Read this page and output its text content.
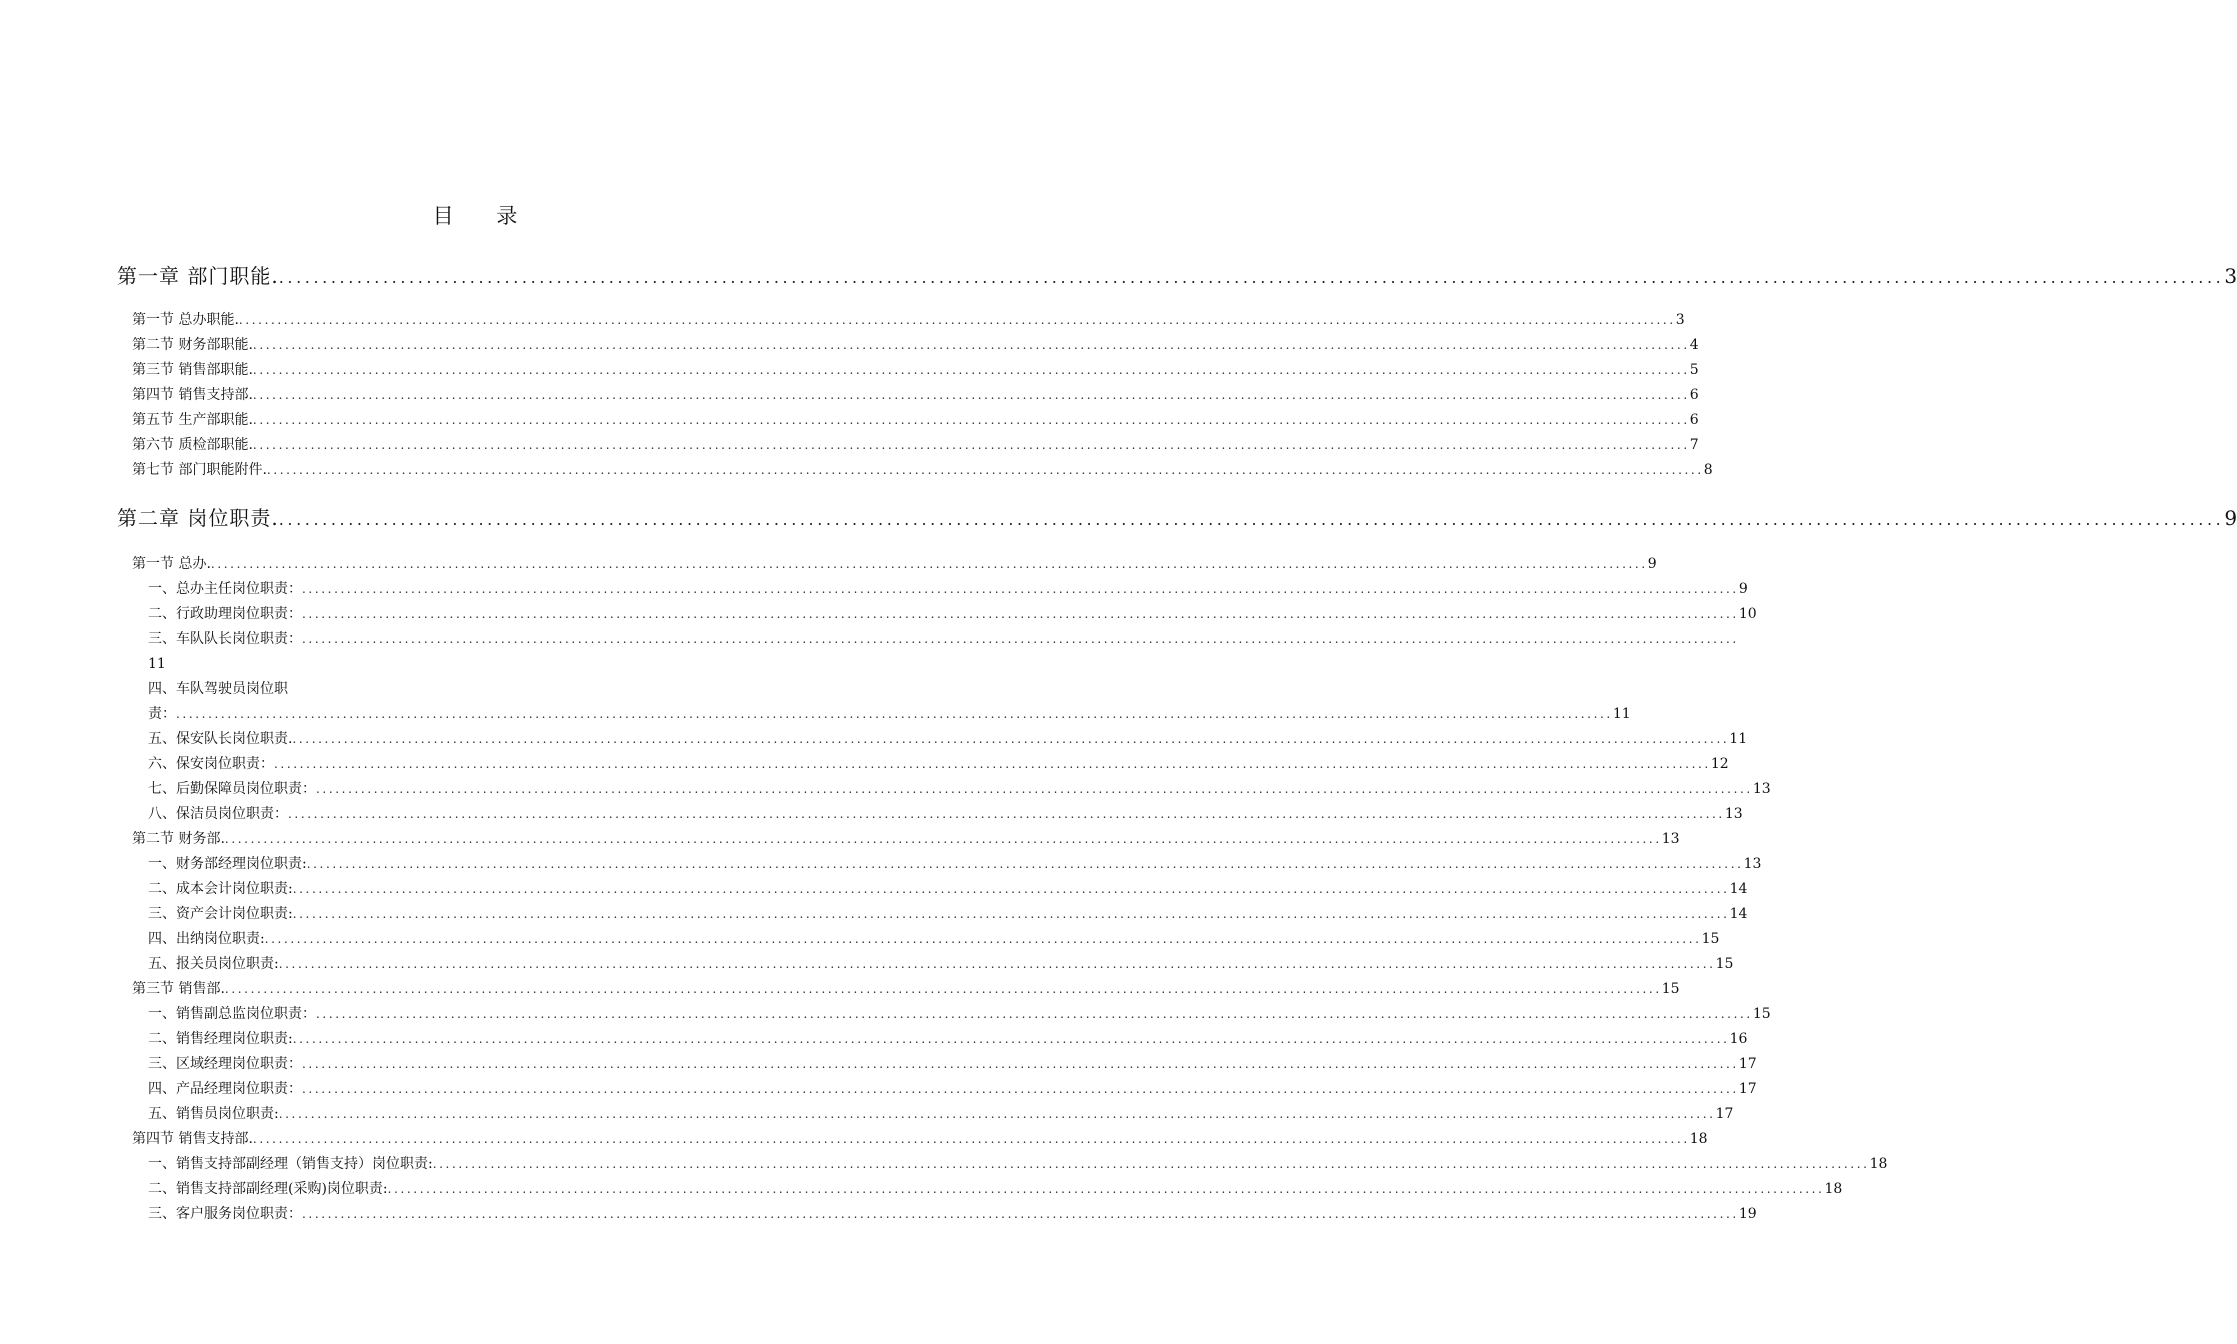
目 录
第一章 部门职能. ................................................................................................................................................................................................................................ 3
第一节 总办职能. ................................................................................................................................................................................................................................ 3
第二节 财务部职能. ................................................................................................................................................................................................................................ 4
第三节 销售部职能. ................................................................................................................................................................................................................................ 5
第四节 销售支持部. ................................................................................................................................................................................................................................ 6
第五节 生产部职能. ................................................................................................................................................................................................................................ 6
第六节 质检部职能. ................................................................................................................................................................................................................................ 7
第七节 部门职能附件. ................................................................................................................................................................................................................................ 8
第二章 岗位职责. ................................................................................................................................................................................................................................ 9
第一节 总办. ................................................................................................................................................................................................................................ 9
一、总办主任岗位职责： ................................................................................................................................................................................................................................ 9
二、行政助理岗位职责： ................................................................................................................................................................................................................................ 10
三、车队队长岗位职责： ................................................................................................................................................................................................................................
11
四、车队驾驶员岗位职
责： ................................................................................................................................................................................................................................ 11
五、保安队长岗位职责. ................................................................................................................................................................................................................................ 11
六、保安岗位职责： ................................................................................................................................................................................................................................ 12
七、后勤保障员岗位职责： ................................................................................................................................................................................................................................ 13
八、保洁员岗位职责： ................................................................................................................................................................................................................................ 13
第二节 财务部. ................................................................................................................................................................................................................................ 13
一、财务部经理岗位职责: ................................................................................................................................................................................................................................ 13
二、成本会计岗位职责: ................................................................................................................................................................................................................................ 14
三、资产会计岗位职责: ................................................................................................................................................................................................................................ 14
四、出纳岗位职责: ................................................................................................................................................................................................................................ 15
五、报关员岗位职责: ................................................................................................................................................................................................................................ 15
第三节 销售部. ................................................................................................................................................................................................................................ 15
一、销售副总监岗位职责： ................................................................................................................................................................................................................................ 15
二、销售经理岗位职责: ................................................................................................................................................................................................................................ 16
三、区域经理岗位职责： ................................................................................................................................................................................................................................ 17
四、产品经理岗位职责： ................................................................................................................................................................................................................................ 17
五、销售员岗位职责: ................................................................................................................................................................................................................................ 17
第四节 销售支持部. ................................................................................................................................................................................................................................ 18
一、销售支持部副经理（销售支持）岗位职责: ................................................................................................................................................................................................................................ 18
二、销售支持部副经理(采购)岗位职责: ................................................................................................................................................................................................................................ 18
三、客户服务岗位职责： ................................................................................................................................................................................................................................ 19
